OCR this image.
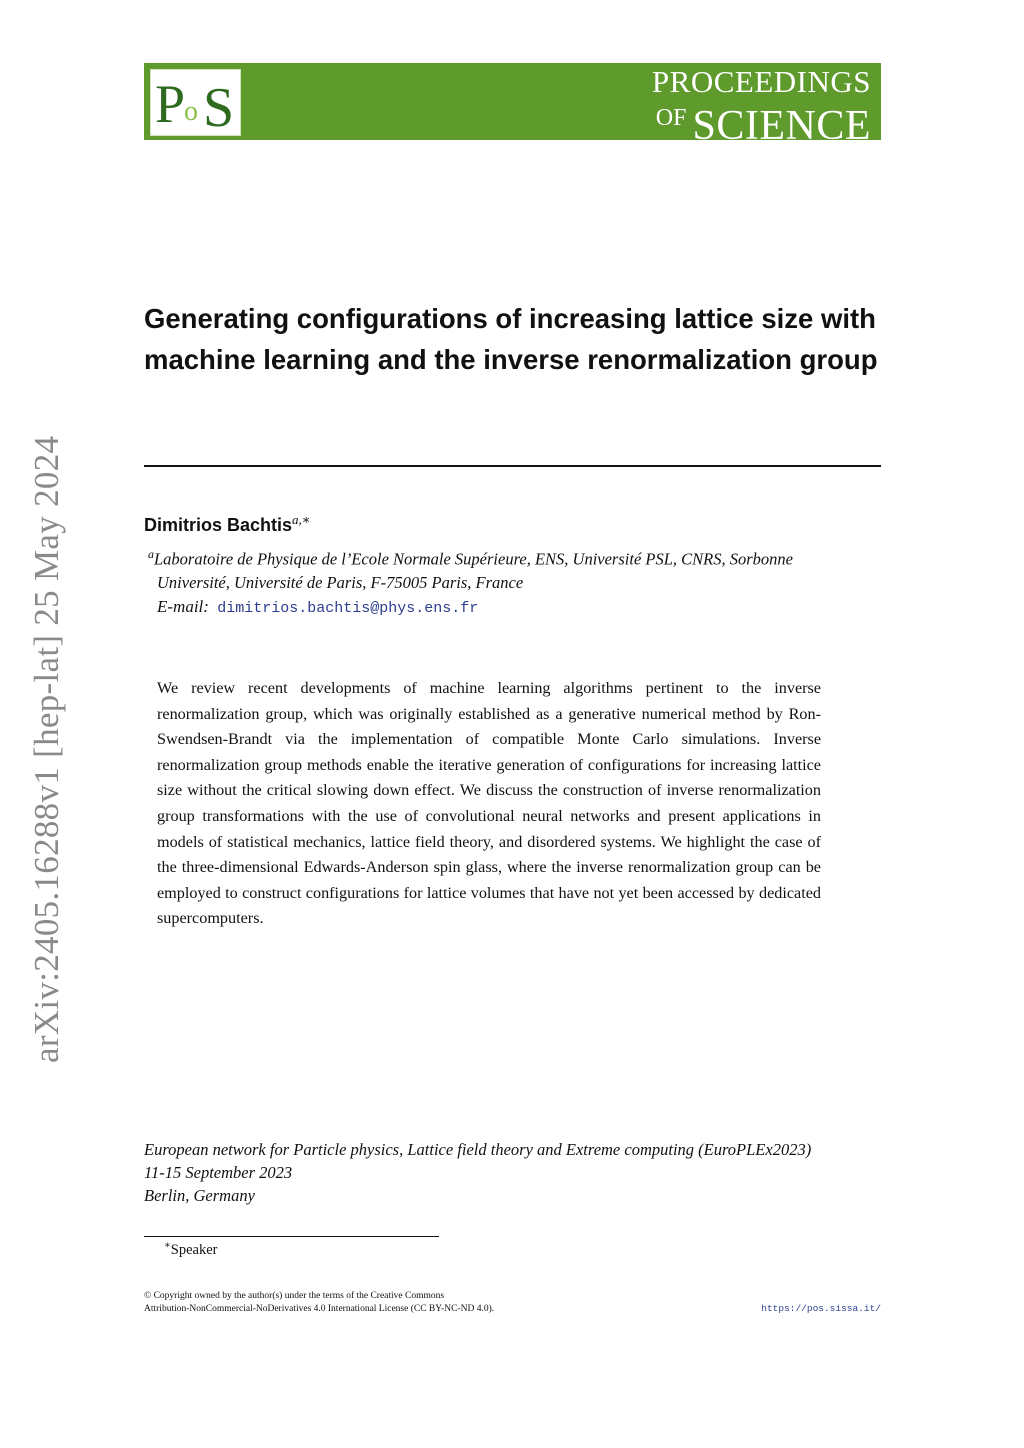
P
o S	PROCEEDINGS
OF SCIENCE
arXiv:2405.16288v1 [hep-lat] 25 May 2024
Generating configurations of increasing lattice size with machine learning and the inverse renormalization group
Dimitrios Bachtis$^{a,∗}$
$^a$Laboratoire de Physique de l’Ecole Normale Supérieure, ENS, Université PSL, CNRS, Sorbonne
Université, Université de Paris, F-75005 Paris, France
E-mail: dimitrios.bachtis@phys.ens.fr

We review recent developments of machine learning algorithms pertinent to the inverse renormalization group, which was originally established as a generative numerical method by Ron-Swendsen-Brandt via the implementation of compatible Monte Carlo simulations. Inverse renormalization group methods enable the iterative generation of configurations for increasing lattice size without the critical slowing down effect. We discuss the construction of inverse renormalization group transformations with the use of convolutional neural networks and present applications in models of statistical mechanics, lattice field theory, and disordered systems. We highlight the case of the three-dimensional Edwards-Anderson spin glass, where the inverse renormalization group can be employed to construct configurations for lattice volumes that have not yet been accessed by dedicated supercomputers.

European network for Particle physics, Lattice field theory and Extreme computing (EuroPLEx2023)
11-15 September 2023
Berlin, Germany
∗Speaker
© Copyright owned by the author(s) under the terms of the Creative Commons
Attribution-NonCommercial-NoDerivatives 4.0 International License (CC BY-NC-ND 4.0).	https://pos.sissa.it/
